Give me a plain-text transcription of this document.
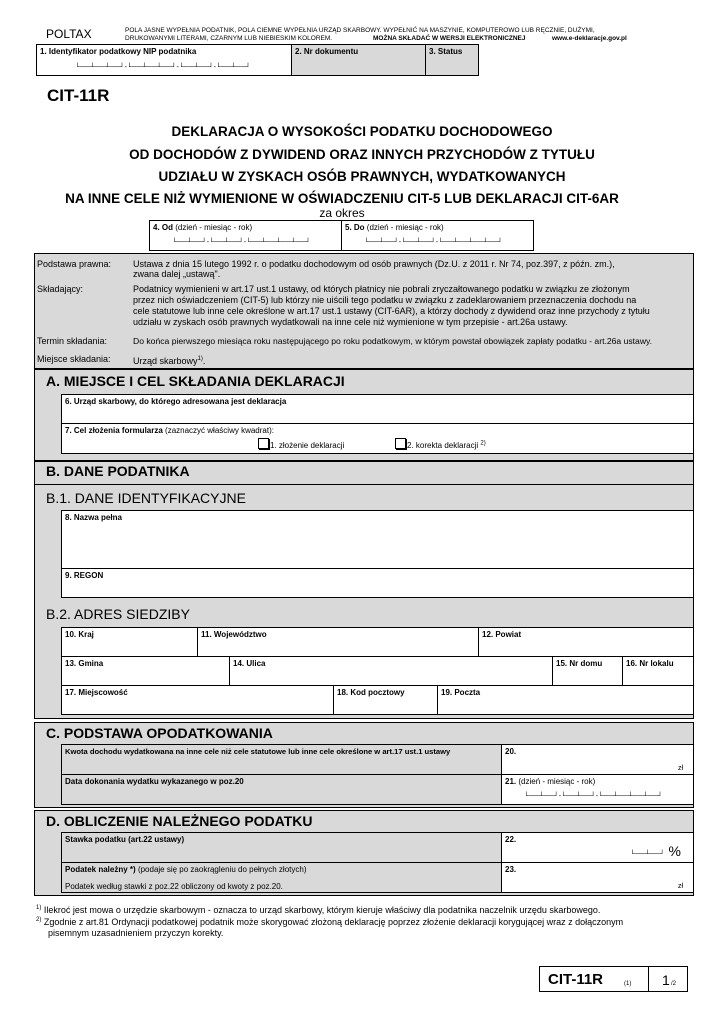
POLTAX	POLA JASNE WYPEŁNIA PODATNIK, POLA CIEMNE WYPEŁNIA URZĄD SKARBOWY. WYPEŁNIĆ NA MASZYNIE, KOMPUTEROWO LUB RĘCZNIE, DUŻYMI,
DRUKOWANYMI LITERAMI, CZARNYM LUB NIEBIESKIM KOLOREM.	MOŻNA SKŁADAĆ W WERSJI ELEKTRONICZNEJ	www.e-deklaracje.gov.pl
1. Identyfikator podatkowy NIP podatnika
└──┴──┴──┘-└──┴──┴──┘-└──┴──┘-└──┴──┘
2. Nr dokumentu	3. Status
CIT-11R
DEKLARACJA O WYSOKOŚCI PODATKU DOCHODOWEGO
OD DOCHODÓW Z DYWIDEND ORAZ INNYCH PRZYCHODÓW Z TYTUŁU
UDZIAŁU W ZYSKACH OSÓB PRAWNYCH, WYDATKOWANYCH
NA INNE CELE NIŻ WYMIENIONE W OŚWIADCZENIU CIT-5 LUB DEKLARACJI CIT-6AR
za okres
4. Od (dzień - miesiąc - rok)
└──┴──┘-└──┴──┘-└──┴──┴──┴──┘
5. Do (dzień - miesiąc - rok)
└──┴──┘-└──┴──┘-└──┴──┴──┴──┘
Podstawa prawna: Ustawa z dnia 15 lutego 1992 r. o podatku dochodowym od osób prawnych (Dz.U. z 2011 r. Nr 74, poz.397, z późn. zm.),
zwana dalej „ustawą".
Składający:	Podatnicy wymienieni w art.17 ust.1 ustawy, od których płatnicy nie pobrali zryczałtowanego podatku w związku ze złożonym
przez nich oświadczeniem (CIT-5) lub którzy nie uiścili tego podatku w związku z zadeklarowaniem przeznaczenia dochodu na
cele statutowe lub inne cele określone w art.17 ust.1 ustawy (CIT-6AR), a którzy dochody z dywidend oraz inne przychody z tytułu
udziału w zyskach osób prawnych wydatkowali na inne cele niż wymienione w tym przepisie - art.26a ustawy.
Termin składania:	Do końca pierwszego miesiąca roku następującego po roku podatkowym, w którym powstał obowiązek zapłaty podatku - art.26a ustawy.
Miejsce składania: Urząd skarbowy$^{1)}$.
A. MIEJSCE I CEL SKŁADANIA DEKLARACJI
6. Urząd skarbowy, do którego adresowana jest deklaracja
7. Cel złożenia formularza (zaznaczyć właściwy kwadrat):
1. złożenie deklaracji	2. korekta deklaracji $^{2)}$
B. DANE PODATNIKA
B.1. DANE IDENTYFIKACYJNE
8. Nazwa pełna
9. REGON
B.2. ADRES SIEDZIBY
10. Kraj	11. Województwo	12. Powiat
13. Gmina	14. Ulica	15. Nr domu	16. Nr lokalu
17. Miejscowość	18. Kod pocztowy	19. Poczta
C. PODSTAWA OPODATKOWANIA
Kwota dochodu wydatkowana na inne cele niż cele statutowe lub inne cele określone w art.17 ust.1 ustawy	20.
zł
Data dokonania wydatku wykazanego w poz.20	21. (dzień - miesiąc - rok)
└──┴──┘-└──┴──┘-└──┴──┴──┴──┘
D. OBLICZENIE NALEŻNEGO PODATKU
Stawka podatku (art.22 ustawy)	22.
└──┴──┘ %
Podatek należny *) (podaje się po zaokrągleniu do pełnych złotych)
Podatek według stawki z poz.22 obliczony od kwoty z poz.20.
23.
zł
$^{1)}$ Ilekroć jest mowa o urzędzie skarbowym - oznacza to urząd skarbowy, którym kieruje właściwy dla podatnika naczelnik urzędu skarbowego.
$^{2)}$ Zgodnie z art.81 Ordynacji podatkowej podatnik może skorygować złożoną deklarację poprzez złożenie deklaracji korygującej wraz z dołączonym
pisemnym uzasadnieniem przyczyn korekty.
CIT-11R	(1) 1 /2
